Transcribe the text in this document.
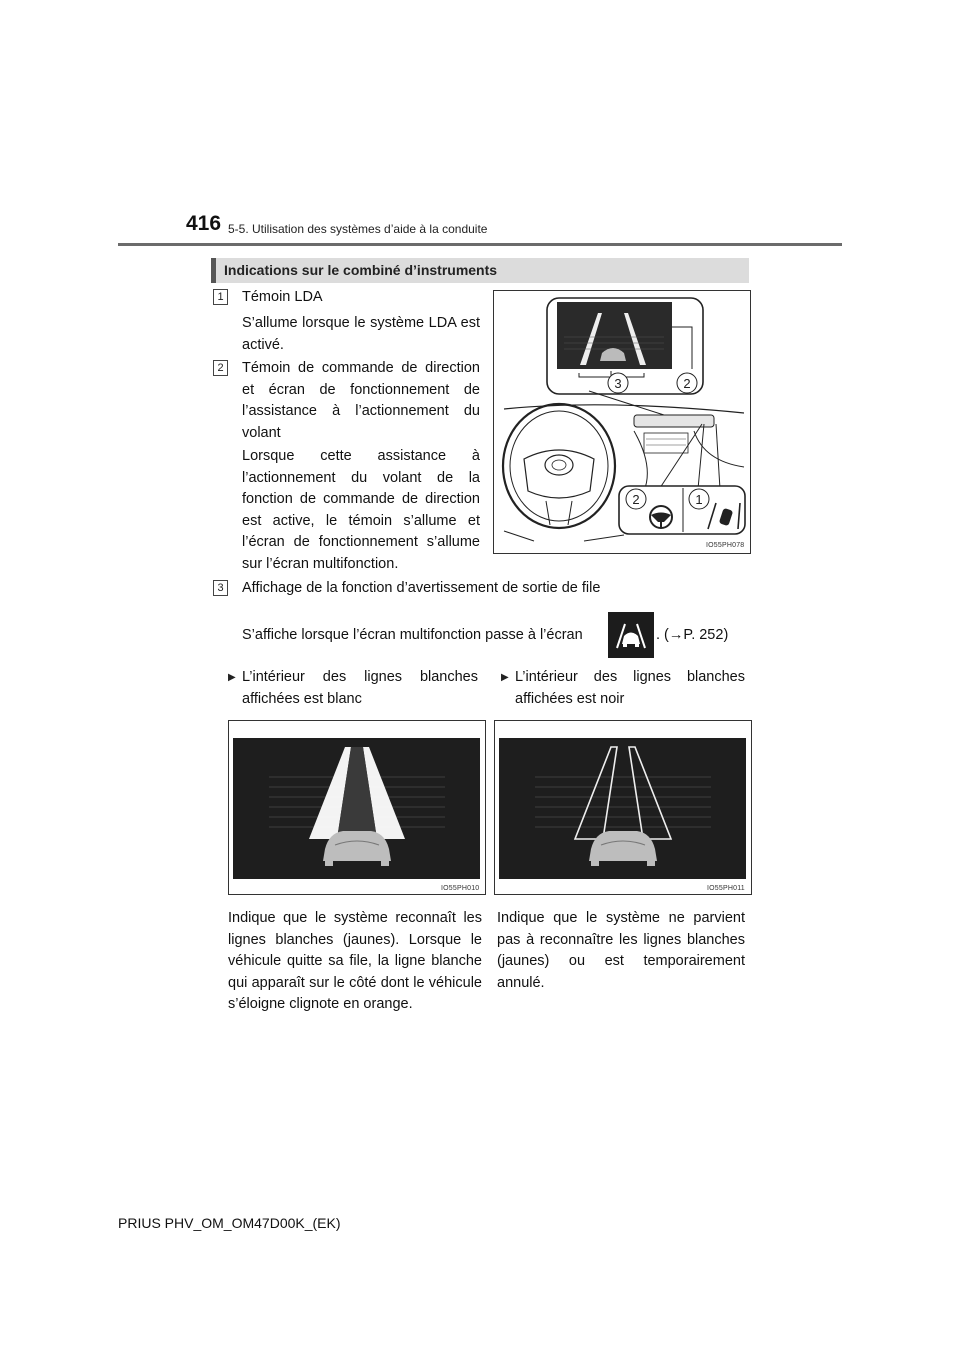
416 5-5. Utilisation des systèmes d’aide à la conduite
Indications sur le combiné d’instruments
1	Témoin LDA
S’allume lorsque le système LDA est activé.
2	Témoin de commande de direction et écran de fonctionnement de l’assistance à l’actionnement du volant
Lorsque cette assistance à l’actionnement du volant de la fonction de commande de direction est active, le témoin s’allume et l’écran de fonctionnement s’allume sur l’écran multifonction.
3	2
2	1
IO55PH078
3	Affichage de la fonction d’avertissement de sortie de file
S’affiche lorsque l’écran multifonction passe à l’écran	. (→P. 252)
▶ L’intérieur des lignes blanches affichées est blanc
▶ L’intérieur des lignes blanches affichées est noir
IO55PH010	IO55PH011
Indique que le système reconnaît les lignes blanches (jaunes). Lorsque le véhicule quitte sa file, la ligne blanche qui apparaît sur le côté dont le véhicule s’éloigne clignote en orange.
Indique que le système ne parvient pas à reconnaître les lignes blanches (jaunes) ou est temporairement annulé.
PRIUS PHV_OM_OM47D00K_(EK)
